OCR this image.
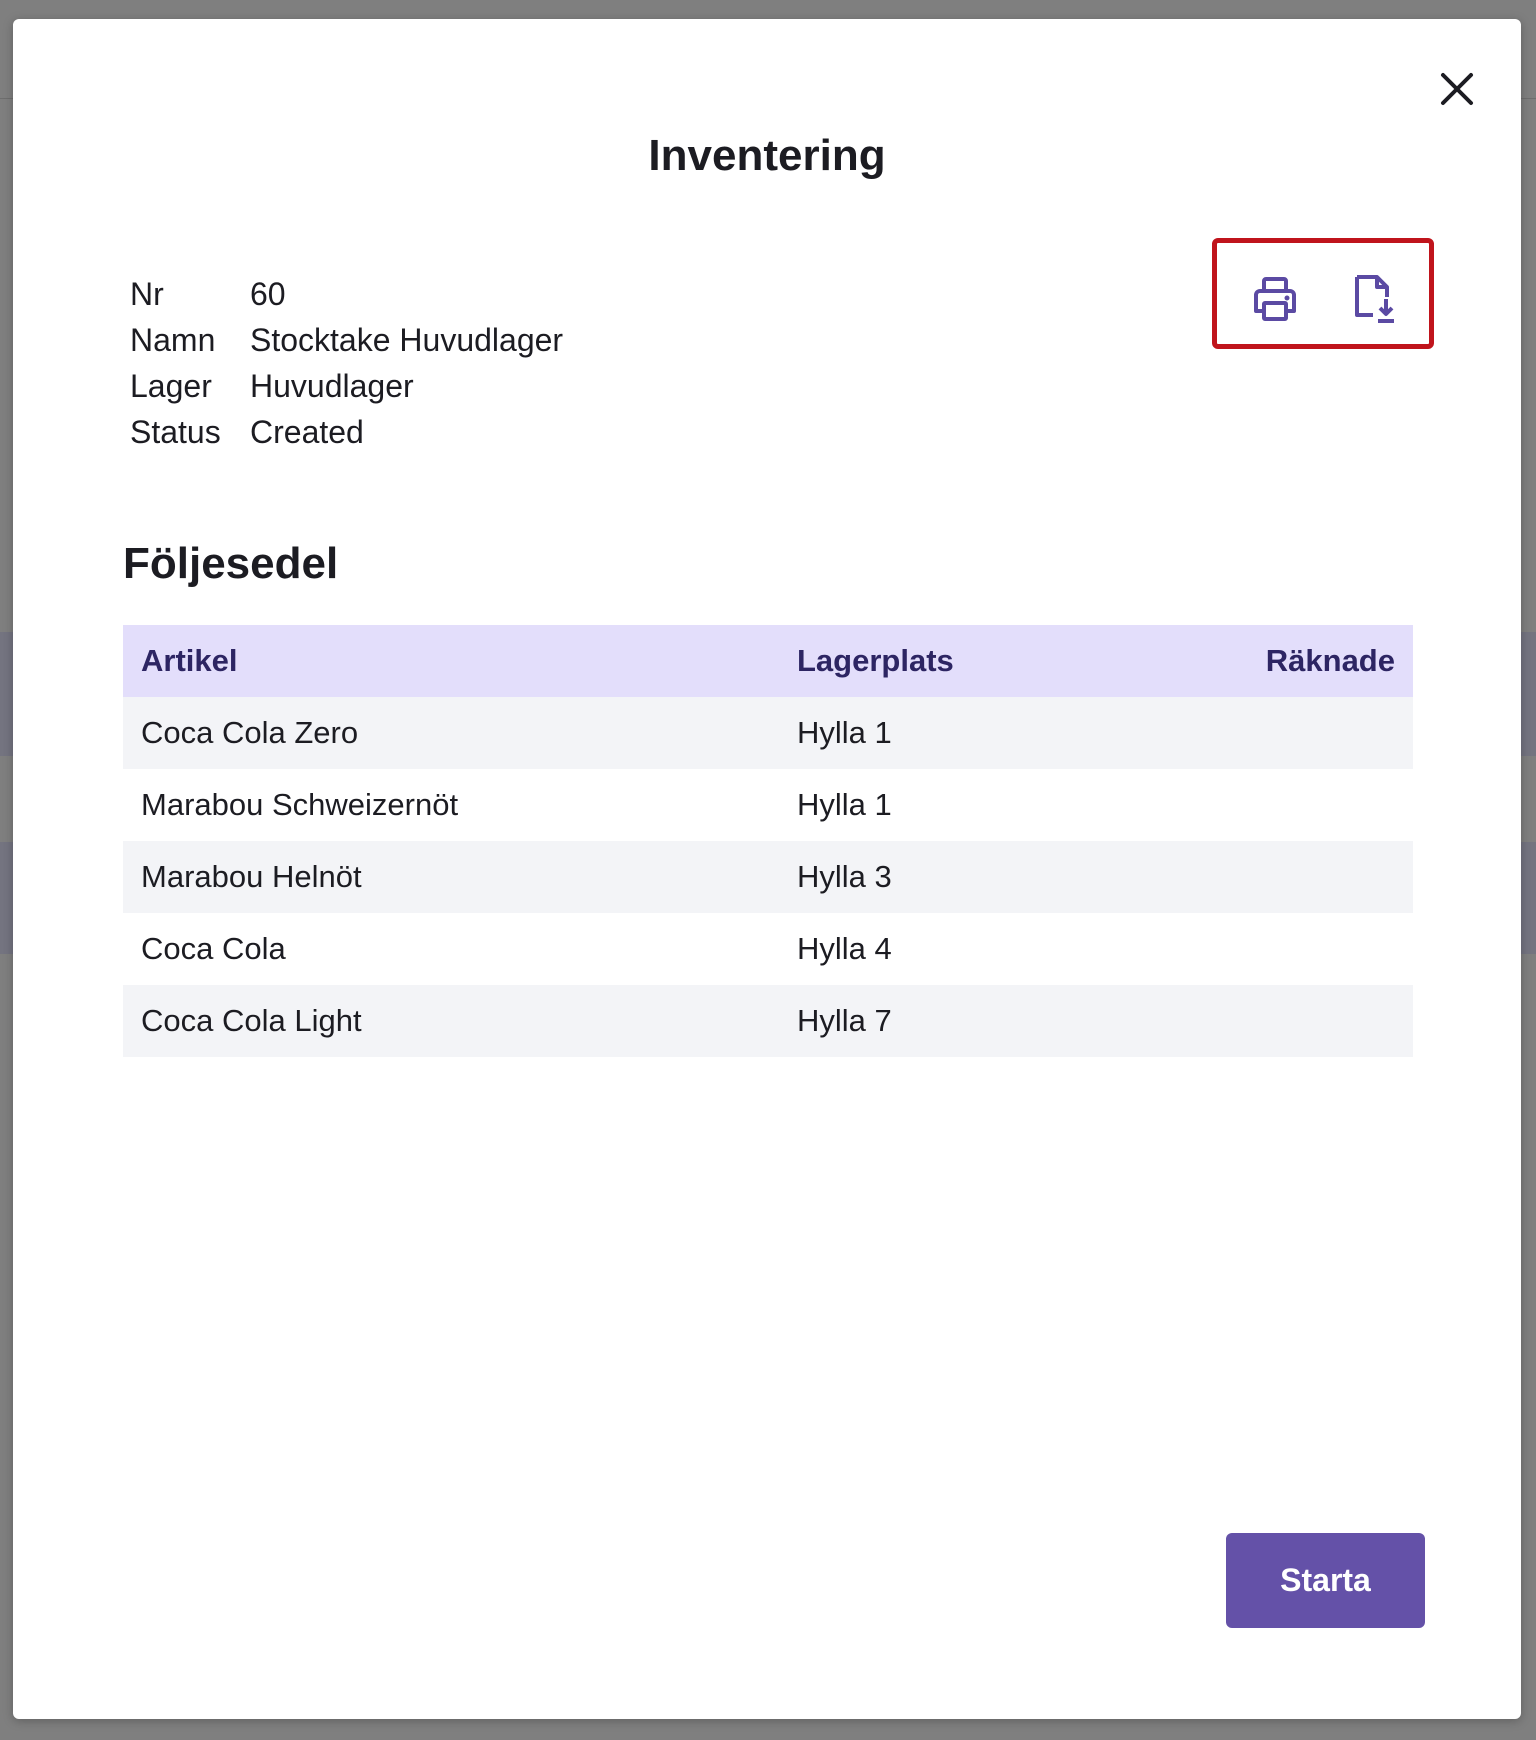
Inventering
Nr	60
Namn	Stocktake Huvudlager
Lager	Huvudlager
Status Created
Följesedel
Artikel	Lagerplats	Räknade
Coca Cola Zero	Hylla 1	
Marabou Schweizernöt	Hylla 1	
Marabou Helnöt	Hylla 3	
Coca Cola	Hylla 4	
Coca Cola Light	Hylla 7	
Starta
